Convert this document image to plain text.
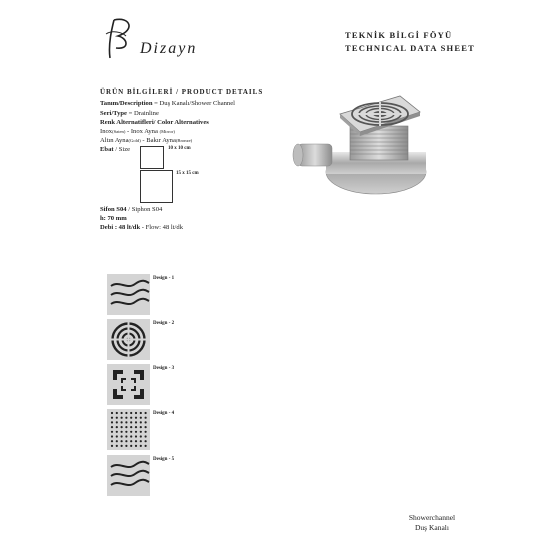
Dizayn
TEKNİK BİLGİ FÖYÜ
TECHNICAL DATA SHEET
ÜRÜN BİLGİLERİ / PRODUCT DETAILS
Tanım/Description = Duş Kanalı/Shower Channel
Seri/Type = Drainline
Renk Alternatifleri/ Color Alternatives
Inox(Saten) - Inox Ayna (Mirror)
Altın Ayna(Gold) - Bakır Ayna(Bronze)
Ebat / Size	10 x 10 cm
15 x 15 cm
Sifon S04 / Siphon S04
h: 70 mm
Debi : 48 lt/dk - Flow: 48 lt/dk
Design - 1
Design - 2
Design - 3
Design - 4
Design - 5
Showerchannel
Duş Kanalı
